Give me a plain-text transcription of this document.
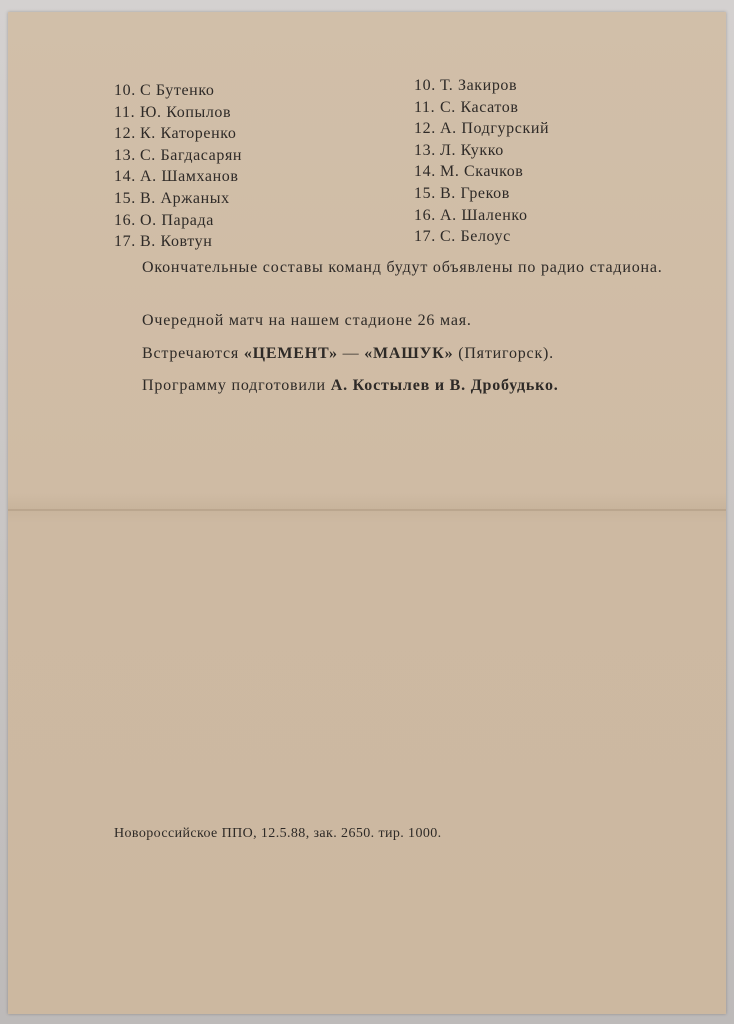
10. С Бутенко
11. Ю. Копылов
12. К. Каторенко
13. С. Багдасарян
14. А. Шамханов
15. В. Аржаных
16. О. Парада
17. В. Ковтун
10. Т. Закиров
11. С. Касатов
12. А. Подгурский
13. Л. Кукко
14. М. Скачков
15. В. Греков
16. А. Шаленко
17. С. Белоус
Окончательные составы команд будут объявлены по радио стадиона.
Очередной матч на нашем стадионе 26 мая.
Встречаются «ЦЕМЕНТ» — «МАШУК» (Пятигорск).
Программу подготовили А. Костылев и В. Дробудько.
Новороссийское ППО, 12.5.88, зак. 2650. тир. 1000.
